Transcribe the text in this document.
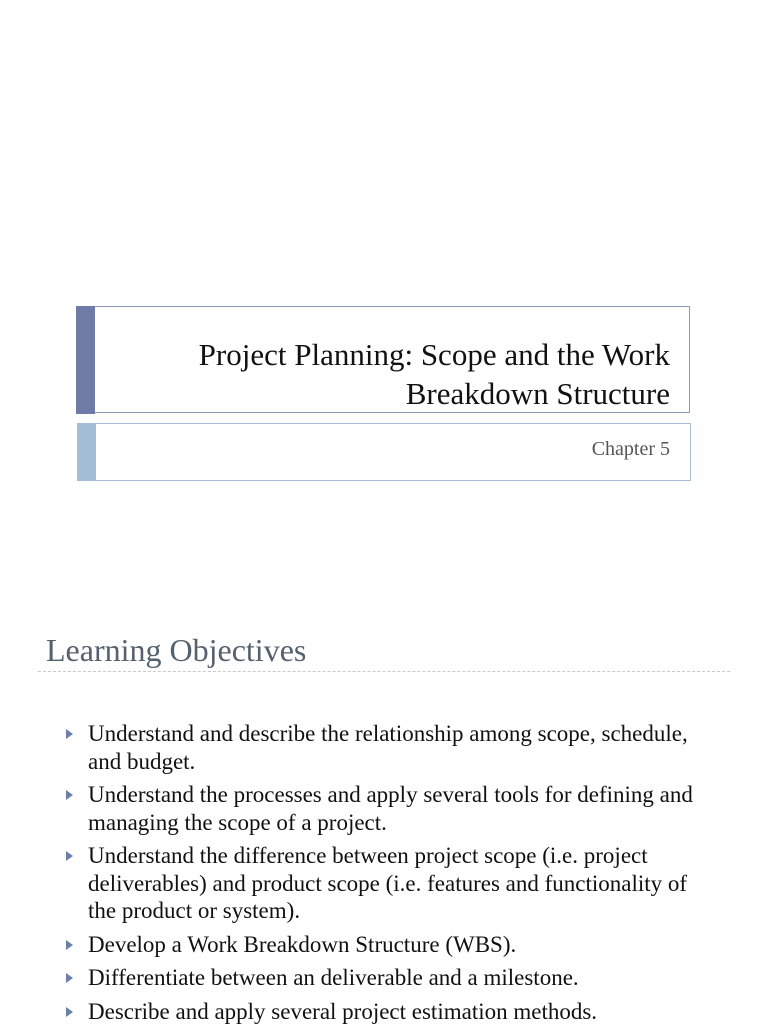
Project Planning: Scope and the Work
Breakdown Structure
Chapter 5
Learning Objectives
Understand and describe the relationship among scope, schedule, and budget.
Understand the processes and apply several tools for defining and managing the scope of a project.
Understand the difference between project scope (i.e. project deliverables) and product scope (i.e. features and functionality of the product or system).
Develop a Work Breakdown Structure (WBS).
Differentiate between an deliverable and a milestone.
Describe and apply several project estimation methods.
